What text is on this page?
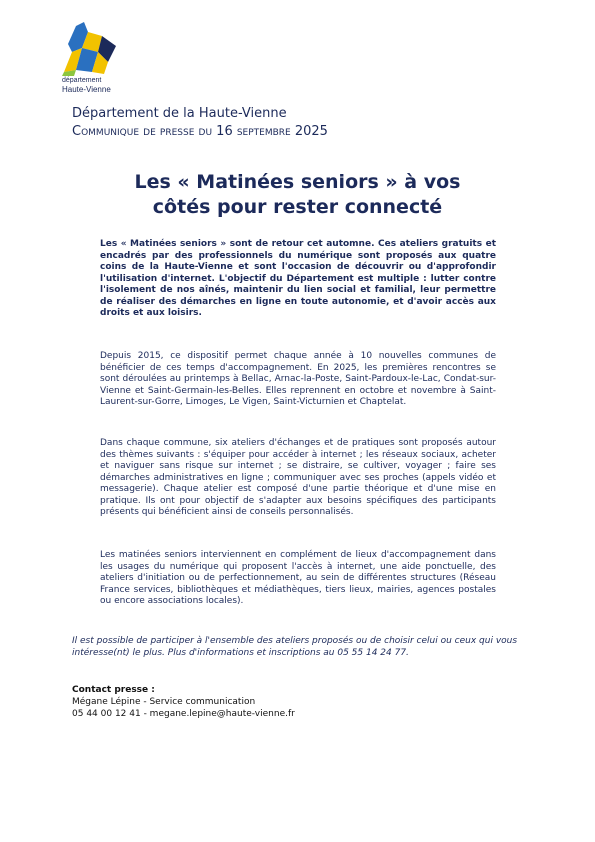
département
Haute-Vienne
Département de la Haute-Vienne
Communique de presse du 16 septembre 2025
Les « Matinées seniors » à vos
côtés pour rester connecté
Les « Matinées seniors » sont de retour cet automne. Ces ateliers gratuits et encadrés par des professionnels du numérique sont proposés aux quatre coins de la Haute-Vienne et sont l'occasion de découvrir ou d'approfondir l'utilisation d'internet. L'objectif du Département est multiple : lutter contre l'isolement de nos aînés, maintenir du lien social et familial, leur permettre de réaliser des démarches en ligne en toute autonomie, et d'avoir accès aux droits et aux loisirs.
Depuis 2015, ce dispositif permet chaque année à 10 nouvelles communes de bénéficier de ces temps d'accompagnement. En 2025, les premières rencontres se sont déroulées au printemps à Bellac, Arnac-la-Poste, Saint-Pardoux-le-Lac, Condat-sur-Vienne et Saint-Germain-les-Belles. Elles reprennent en octobre et novembre à Saint-Laurent-sur-Gorre, Limoges, Le Vigen, Saint-Victurnien et Chaptelat.
Dans chaque commune, six ateliers d'échanges et de pratiques sont proposés autour des thèmes suivants : s'équiper pour accéder à internet ; les réseaux sociaux, acheter et naviguer sans risque sur internet ; se distraire, se cultiver, voyager ; faire ses démarches administratives en ligne ; communiquer avec ses proches (appels vidéo et messagerie). Chaque atelier est composé d'une partie théorique et d'une mise en pratique. Ils ont pour objectif de s'adapter aux besoins spécifiques des participants présents qui bénéficient ainsi de conseils personnalisés.
Les matinées seniors interviennent en complément de lieux d'accompagnement dans les usages du numérique qui proposent l'accès à internet, une aide ponctuelle, des ateliers d'initiation ou de perfectionnement, au sein de différentes structures (Réseau France services, bibliothèques et médiathèques, tiers lieux, mairies, agences postales ou encore associations locales).
Il est possible de participer à l'ensemble des ateliers proposés ou de choisir celui ou ceux qui vous intéresse(nt) le plus. Plus d'informations et inscriptions au 05 55 14 24 77.
Contact presse :
Mégane Lépine - Service communication
05 44 00 12 41 - megane.lepine@haute-vienne.fr
